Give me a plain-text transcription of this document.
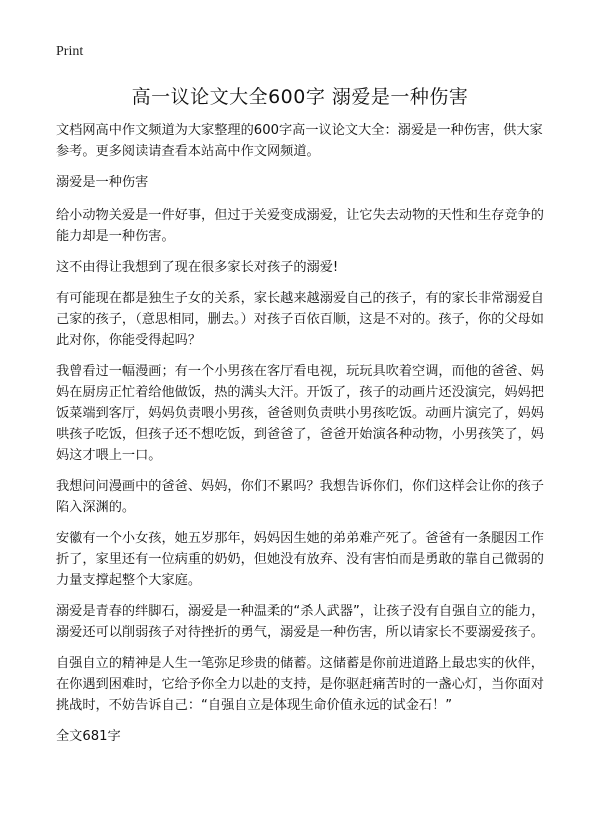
Print
高一议论文大全600字 溺爱是一种伤害

文档网高中作文频道为大家整理的600字高一议论文大全：溺爱是一种伤害，供大家参考。更多阅读请查看本站高中作文网频道。

溺爱是一种伤害

给小动物关爱是一件好事，但过于关爱变成溺爱，让它失去动物的天性和生存竞争的能力却是一种伤害。

这不由得让我想到了现在很多家长对孩子的溺爱!

有可能现在都是独生子女的关系，家长越来越溺爱自己的孩子，有的家长非常溺爱自己家的孩子，（意思相同，删去。）对孩子百依百顺，这是不对的。孩子，你的父母如此对你，你能受得起吗？

我曾看过一幅漫画；有一个小男孩在客厅看电视，玩玩具吹着空调，而他的爸爸、妈妈在厨房正忙着给他做饭，热的满头大汗。开饭了，孩子的动画片还没演完，妈妈把饭菜端到客厅，妈妈负责喂小男孩，爸爸则负责哄小男孩吃饭。动画片演完了，妈妈哄孩子吃饭，但孩子还不想吃饭，到爸爸了，爸爸开始演各种动物，小男孩笑了，妈妈这才喂上一口。

我想问问漫画中的爸爸、妈妈，你们不累吗？我想告诉你们，你们这样会让你的孩子陷入深渊的。

安徽有一个小女孩，她五岁那年，妈妈因生她的弟弟难产死了。爸爸有一条腿因工作折了，家里还有一位病重的奶奶，但她没有放弃、没有害怕而是勇敢的靠自己微弱的力量支撑起整个大家庭。

溺爱是青春的绊脚石，溺爱是一种温柔的“杀人武器”，让孩子没有自强自立的能力，溺爱还可以削弱孩子对待挫折的勇气，溺爱是一种伤害，所以请家长不要溺爱孩子。

自强自立的精神是人生一笔弥足珍贵的储蓄。这储蓄是你前进道路上最忠实的伙伴，在你遇到困难时，它给予你全力以赴的支持，是你驱赶痛苦时的一盏心灯，当你面对挑战时，不妨告诉自己：“自强自立是体现生命价值永远的试金石！”

全文681字
